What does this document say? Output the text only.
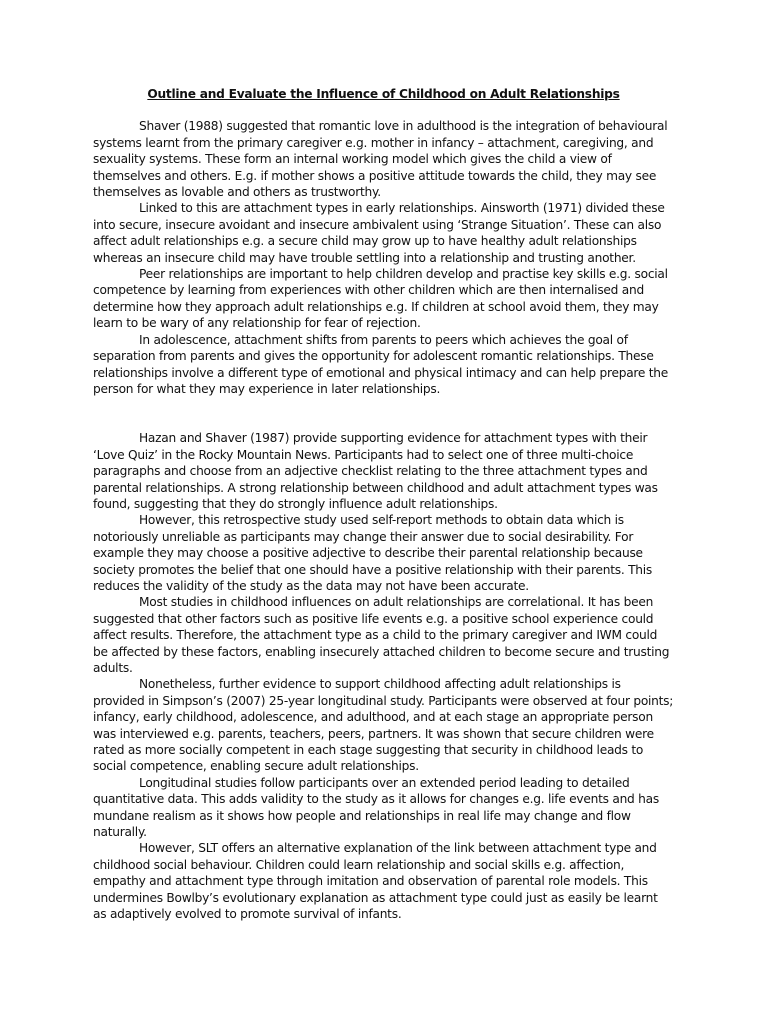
Outline and Evaluate the Influence of Childhood on Adult Relationships

Shaver (1988) suggested that romantic love in adulthood is the integration of behavioural systems learnt from the primary caregiver e.g. mother in infancy – attachment, caregiving, and sexuality systems. These form an internal working model which gives the child a view of themselves and others. E.g. if mother shows a positive attitude towards the child, they may see themselves as lovable and others as trustworthy.

Linked to this are attachment types in early relationships. Ainsworth (1971) divided these into secure, insecure avoidant and insecure ambivalent using ‘Strange Situation’. These can also affect adult relationships e.g. a secure child may grow up to have healthy adult relationships whereas an insecure child may have trouble settling into a relationship and trusting another.

Peer relationships are important to help children develop and practise key skills e.g. social competence by learning from experiences with other children which are then internalised and determine how they approach adult relationships e.g. If children at school avoid them, they may learn to be wary of any relationship for fear of rejection.

In adolescence, attachment shifts from parents to peers which achieves the goal of separation from parents and gives the opportunity for adolescent romantic relationships. These relationships involve a different type of emotional and physical intimacy and can help prepare the person for what they may experience in later relationships.

Hazan and Shaver (1987) provide supporting evidence for attachment types with their ‘Love Quiz’ in the Rocky Mountain News. Participants had to select one of three multi-choice paragraphs and choose from an adjective checklist relating to the three attachment types and parental relationships. A strong relationship between childhood and adult attachment types was found, suggesting that they do strongly influence adult relationships.

However, this retrospective study used self-report methods to obtain data which is notoriously unreliable as participants may change their answer due to social desirability. For example they may choose a positive adjective to describe their parental relationship because society promotes the belief that one should have a positive relationship with their parents. This reduces the validity of the study as the data may not have been accurate.

Most studies in childhood influences on adult relationships are correlational. It has been suggested that other factors such as positive life events e.g. a positive school experience could affect results. Therefore, the attachment type as a child to the primary caregiver and IWM could be affected by these factors, enabling insecurely attached children to become secure and trusting adults.

Nonetheless, further evidence to support childhood affecting adult relationships is provided in Simpson’s (2007) 25-year longitudinal study. Participants were observed at four points; infancy, early childhood, adolescence, and adulthood, and at each stage an appropriate person was interviewed e.g. parents, teachers, peers, partners. It was shown that secure children were rated as more socially competent in each stage suggesting that security in childhood leads to social competence, enabling secure adult relationships.

Longitudinal studies follow participants over an extended period leading to detailed quantitative data. This adds validity to the study as it allows for changes e.g. life events and has mundane realism as it shows how people and relationships in real life may change and flow naturally.

However, SLT offers an alternative explanation of the link between attachment type and childhood social behaviour. Children could learn relationship and social skills e.g. affection, empathy and attachment type through imitation and observation of parental role models. This undermines Bowlby’s evolutionary explanation as attachment type could just as easily be learnt as adaptively evolved to promote survival of infants.
